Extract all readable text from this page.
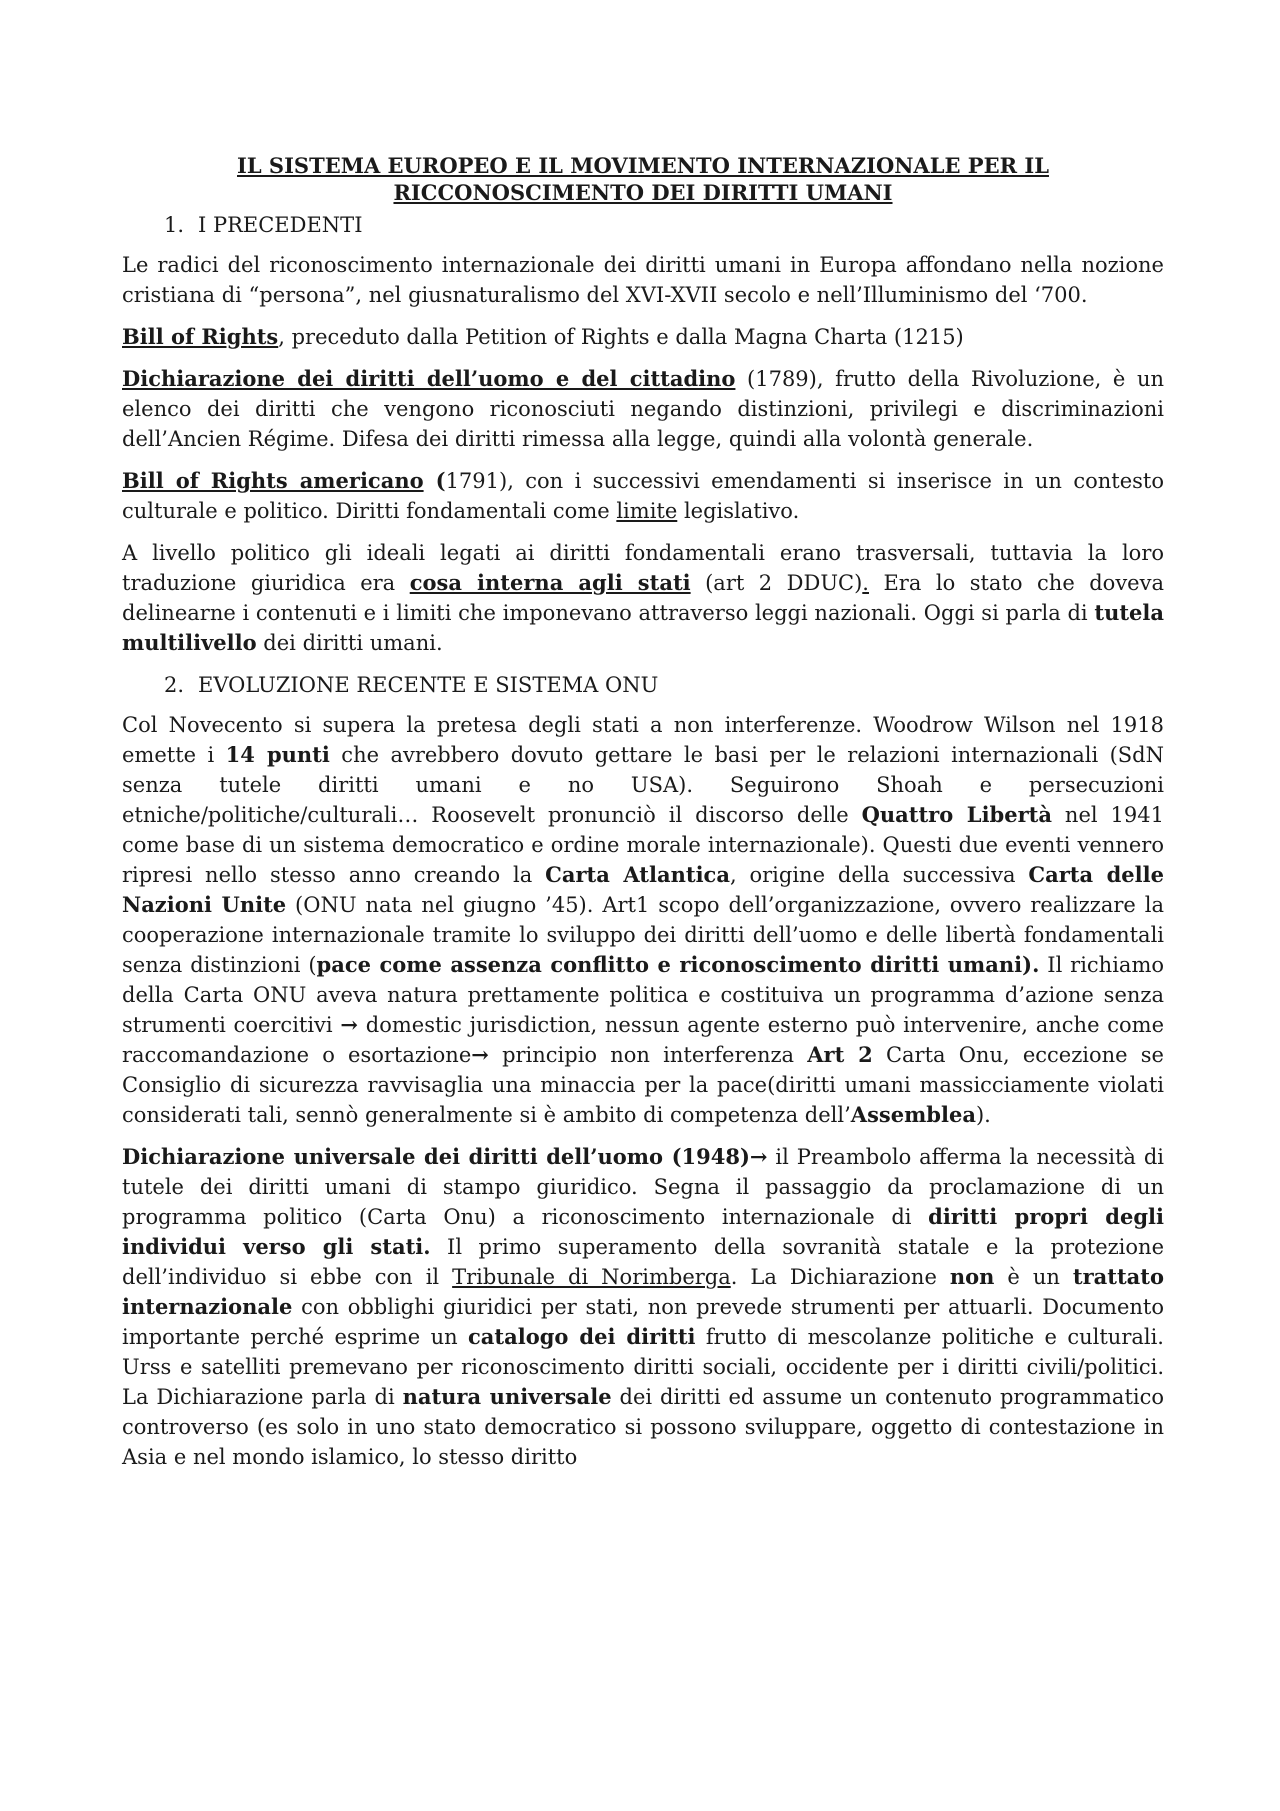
IL SISTEMA EUROPEO E IL MOVIMENTO INTERNAZIONALE PER IL
RICCONOSCIMENTO DEI DIRITTI UMANI
1. I PRECEDENTI

Le radici del riconoscimento internazionale dei diritti umani in Europa affondano nella nozione cristiana di “persona”, nel giusnaturalismo del XVI-XVII secolo e nell’Illuminismo del ‘700.

Bill of Rights, preceduto dalla Petition of Rights e dalla Magna Charta (1215)

Dichiarazione dei diritti dell’uomo e del cittadino (1789), frutto della Rivoluzione, è un elenco dei diritti che vengono riconosciuti negando distinzioni, privilegi e discriminazioni dell’Ancien Régime. Difesa dei diritti rimessa alla legge, quindi alla volontà generale.

Bill of Rights americano (1791), con i successivi emendamenti si inserisce in un contesto culturale e politico. Diritti fondamentali come limite legislativo.

A livello politico gli ideali legati ai diritti fondamentali erano trasversali, tuttavia la loro traduzione giuridica era cosa interna agli stati (art 2 DDUC). Era lo stato che doveva delinearne i contenuti e i limiti che imponevano attraverso leggi nazionali. Oggi si parla di tutela multilivello dei diritti umani.

2. EVOLUZIONE RECENTE E SISTEMA ONU

Col Novecento si supera la pretesa degli stati a non interferenze. Woodrow Wilson nel 1918 emette i 14 punti che avrebbero dovuto gettare le basi per le relazioni internazionali (SdN senza tutele diritti umani e no USA). Seguirono Shoah e persecuzioni etniche/politiche/culturali… Roosevelt pronunciò il discorso delle Quattro Libertà nel 1941 come base di un sistema democratico e ordine morale internazionale). Questi due eventi vennero ripresi nello stesso anno creando la Carta Atlantica, origine della successiva Carta delle Nazioni Unite (ONU nata nel giugno ’45). Art1 scopo dell’organizzazione, ovvero realizzare la cooperazione internazionale tramite lo sviluppo dei diritti dell’uomo e delle libertà fondamentali senza distinzioni (pace come assenza conflitto e riconoscimento diritti umani). Il richiamo della Carta ONU aveva natura prettamente politica e costituiva un programma d’azione senza strumenti coercitivi → domestic jurisdiction, nessun agente esterno può intervenire, anche come raccomandazione o esortazione→ principio non interferenza Art 2 Carta Onu, eccezione se Consiglio di sicurezza ravvisaglia una minaccia per la pace(diritti umani massicciamente violati considerati tali, sennò generalmente si è ambito di competenza dell’Assemblea).

Dichiarazione universale dei diritti dell’uomo (1948)→ il Preambolo afferma la necessità di tutele dei diritti umani di stampo giuridico. Segna il passaggio da proclamazione di un programma politico (Carta Onu) a riconoscimento internazionale di diritti propri degli individui verso gli stati. Il primo superamento della sovranità statale e la protezione dell’individuo si ebbe con il Tribunale di Norimberga. La Dichiarazione non è un trattato internazionale con obblighi giuridici per stati, non prevede strumenti per attuarli. Documento importante perché esprime un catalogo dei diritti frutto di mescolanze politiche e culturali. Urss e satelliti premevano per riconoscimento diritti sociali, occidente per i diritti civili/politici. La Dichiarazione parla di natura universale dei diritti ed assume un contenuto programmatico controverso (es solo in uno stato democratico si possono sviluppare, oggetto di contestazione in Asia e nel mondo islamico, lo stesso diritto
